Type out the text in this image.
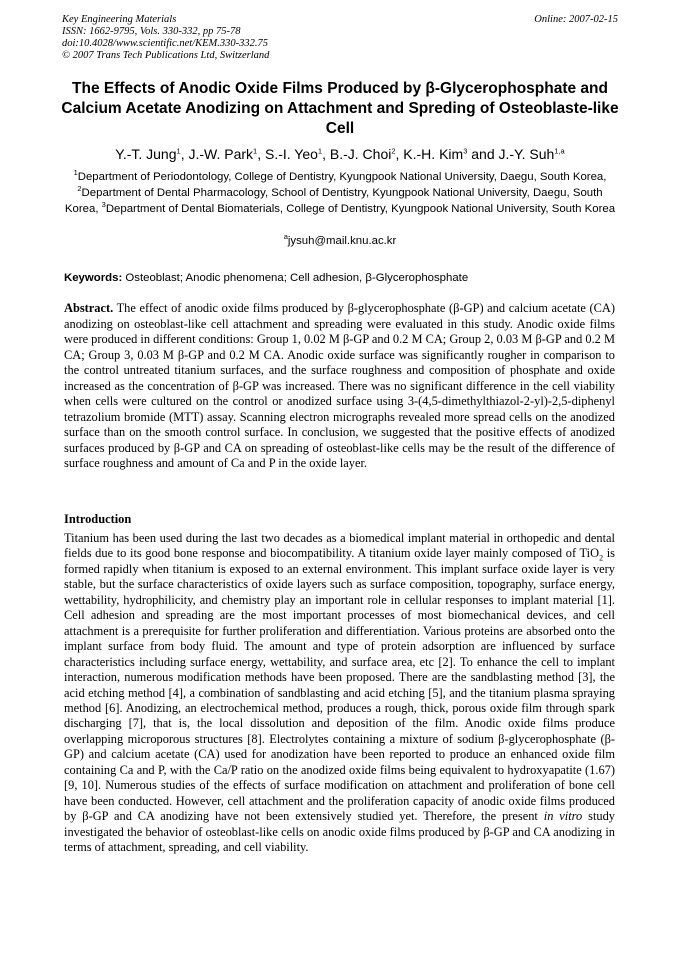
Key Engineering Materials
ISSN: 1662-9795, Vols. 330-332, pp 75-78
doi:10.4028/www.scientific.net/KEM.330-332.75
© 2007 Trans Tech Publications Ltd, Switzerland
Online: 2007-02-15
The Effects of Anodic Oxide Films Produced by β-Glycerophosphate and Calcium Acetate Anodizing on Attachment and Spreding of Osteoblaste-like Cell
Y.-T. Jung$^1$, J.-W. Park$^1$, S.-I. Yeo$^1$, B.-J. Choi$^2$, K.-H. Kim$^3$ and J.-Y. Suh$^{1,a}$
$^1$Department of Periodontology, College of Dentistry, Kyungpook National University, Daegu, South Korea, $^2$Department of Dental Pharmacology, School of Dentistry, Kyungpook National University, Daegu, South Korea, $^3$Department of Dental Biomaterials, College of Dentistry, Kyungpook National University, South Korea
$^a$jysuh@mail.knu.ac.kr
Keywords: Osteoblast; Anodic phenomena; Cell adhesion, β-Glycerophosphate
Abstract. The effect of anodic oxide films produced by β-glycerophosphate (β-GP) and calcium acetate (CA) anodizing on osteoblast-like cell attachment and spreading were evaluated in this study. Anodic oxide films were produced in different conditions: Group 1, 0.02 M β-GP and 0.2 M CA; Group 2, 0.03 M β-GP and 0.2 M CA; Group 3, 0.03 M β-GP and 0.2 M CA. Anodic oxide surface was significantly rougher in comparison to the control untreated titanium surfaces, and the surface roughness and composition of phosphate and oxide increased as the concentration of β-GP was increased. There was no significant difference in the cell viability when cells were cultured on the control or anodized surface using 3-(4,5-dimethylthiazol-2-yl)-2,5-diphenyl tetrazolium bromide (MTT) assay. Scanning electron micrographs revealed more spread cells on the anodized surface than on the smooth control surface. In conclusion, we suggested that the positive effects of anodized surfaces produced by β-GP and CA on spreading of osteoblast-like cells may be the result of the difference of surface roughness and amount of Ca and P in the oxide layer.
Introduction
Titanium has been used during the last two decades as a biomedical implant material in orthopedic and dental fields due to its good bone response and biocompatibility. A titanium oxide layer mainly composed of TiO$_2$ is formed rapidly when titanium is exposed to an external environment. This implant surface oxide layer is very stable, but the surface characteristics of oxide layers such as surface composition, topography, surface energy, wettability, hydrophilicity, and chemistry play an important role in cellular responses to implant material [1]. Cell adhesion and spreading are the most important processes of most biomechanical devices, and cell attachment is a prerequisite for further proliferation and differentiation. Various proteins are absorbed onto the implant surface from body fluid. The amount and type of protein adsorption are influenced by surface characteristics including surface energy, wettability, and surface area, etc [2]. To enhance the cell to implant interaction, numerous modification methods have been proposed. There are the sandblasting method [3], the acid etching method [4], a combination of sandblasting and acid etching [5], and the titanium plasma spraying method [6]. Anodizing, an electrochemical method, produces a rough, thick, porous oxide film through spark discharging [7], that is, the local dissolution and deposition of the film. Anodic oxide films produce overlapping microporous structures [8]. Electrolytes containing a mixture of sodium β-glycerophosphate (β-GP) and calcium acetate (CA) used for anodization have been reported to produce an enhanced oxide film containing Ca and P, with the Ca/P ratio on the anodized oxide films being equivalent to hydroxyapatite (1.67) [9, 10]. Numerous studies of the effects of surface modification on attachment and proliferation of bone cell have been conducted. However, cell attachment and the proliferation capacity of anodic oxide films produced by β-GP and CA anodizing have not been extensively studied yet. Therefore, the present in vitro study investigated the behavior of osteoblast-like cells on anodic oxide films produced by β-GP and CA anodizing in terms of attachment, spreading, and cell viability.
